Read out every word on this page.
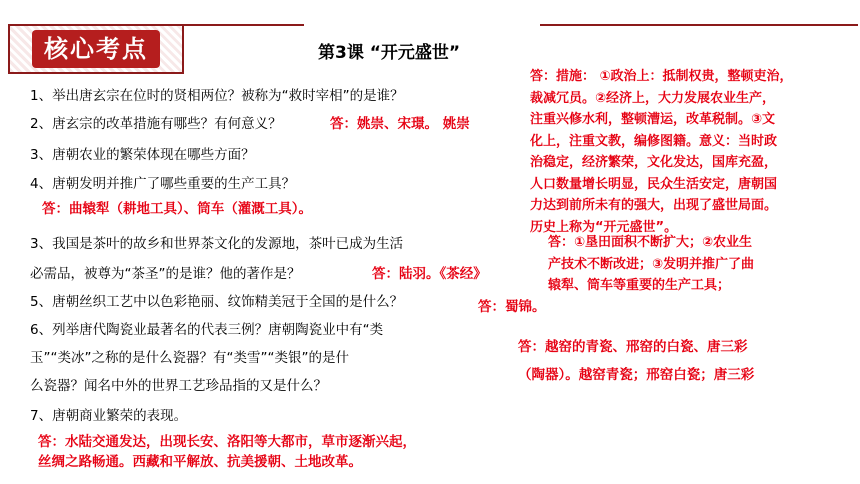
核心考点	第3课 “开元盛世”
1、举出唐玄宗在位时的贤相两位？被称为“救时宰相”的是谁？
2、唐玄宗的改革措施有哪些？有何意义？	答：姚崇、宋璟。 姚崇
3、唐朝农业的繁荣体现在哪些方面？
4、唐朝发明并推广了哪些重要的生产工具？
答：曲辕犁（耕地工具）、筒车（灌溉工具）。
3、我国是茶叶的故乡和世界茶文化的发源地，茶叶已成为生活
必需品，被尊为“茶圣”的是谁？他的著作是？	答：陆羽。《茶经》
5、唐朝丝织工艺中以色彩艳丽、纹饰精美冠于全国的是什么？	答：蜀锦。
6、列举唐代陶瓷业最著名的代表三例？唐朝陶瓷业中有“类
玉”“类冰”之称的是什么瓷器？有“类雪”“类银”的是什
么瓷器？闻名中外的世界工艺珍品指的又是什么？
7、唐朝商业繁荣的表现。
答：措施： ①政治上：抵制权贵，整顿吏治，
裁减冗员。②经济上，大力发展农业生产，
注重兴修水利，整顿漕运，改革税制。③文
化上，注重文教，编修图籍。意义：当时政
治稳定，经济繁荣，文化发达，国库充盈，
人口数量增长明显，民众生活安定，唐朝国
力达到前所未有的强大，出现了盛世局面。
历史上称为“开元盛世”。
答：①垦田面积不断扩大；②农业生
产技术不断改进；③发明并推广了曲
辕犁、筒车等重要的生产工具；
答：越窑的青瓷、邢窑的白瓷、唐三彩
（陶器）。越窑青瓷；邢窑白瓷；唐三彩
答：水陆交通发达，出现长安、洛阳等大都市，草市逐渐兴起，
丝绸之路畅通。西藏和平解放、抗美援朝、土地改革。
